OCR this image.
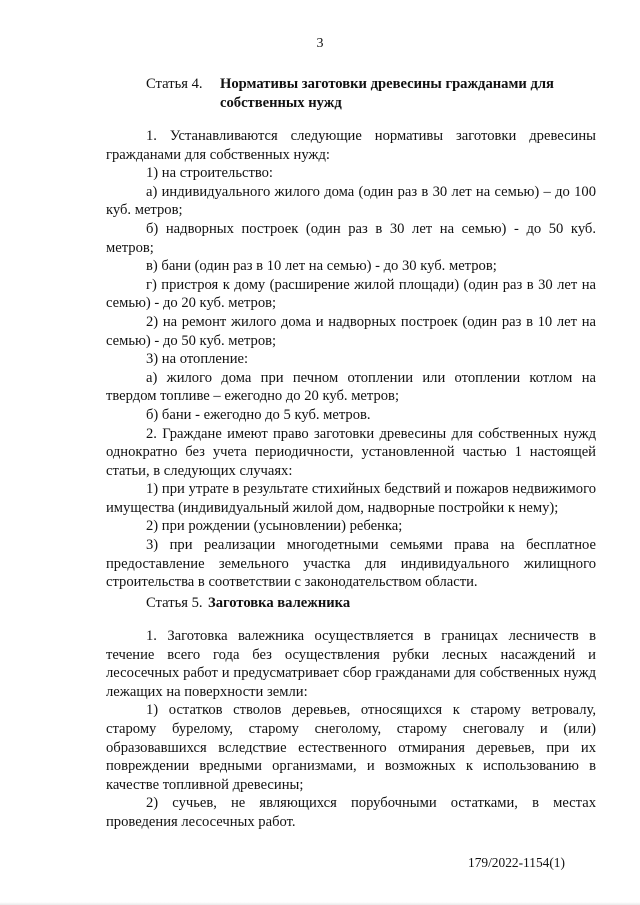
3
Статья 4. Нормативы заготовки древесины гражданами для
собственных нужд

1. Устанавливаются следующие нормативы заготовки древесины гражданами для собственных нужд:

1) на строительство:

а) индивидуального жилого дома (один раз в 30 лет на семью) – до 100 куб. метров;

б) надворных построек (один раз в 30 лет на семью) - до 50 куб. метров;

в) бани (один раз в 10 лет на семью) - до 30 куб. метров;

г) пристроя к дому (расширение жилой площади) (один раз в 30 лет на семью) - до 20 куб. метров;

2) на ремонт жилого дома и надворных построек (один раз в 10 лет на семью) - до 50 куб. метров;

3) на отопление:

а) жилого дома при печном отоплении или отоплении котлом на твердом топливе – ежегодно до 20 куб. метров;

б) бани - ежегодно до 5 куб. метров.

2. Граждане имеют право заготовки древесины для собственных нужд однократно без учета периодичности, установленной частью 1 настоящей статьи, в следующих случаях:

1) при утрате в результате стихийных бедствий и пожаров недвижимого имущества (индивидуальный жилой дом, надворные постройки к нему);

2) при рождении (усыновлении) ребенка;

3) при реализации многодетными семьями права на бесплатное предоставление земельного участка для индивидуального жилищного строительства в соответствии с законодательством области.

Статья 5. Заготовка валежника

1. Заготовка валежника осуществляется в границах лесничеств в течение всего года без осуществления рубки лесных насаждений и лесосечных работ и предусматривает сбор гражданами для собственных нужд лежащих на поверхности земли:

1) остатков стволов деревьев, относящихся к старому ветровалу, старому бурелому, старому снеголому, старому снеговалу и (или) образовавшихся вследствие естественного отмирания деревьев, при их повреждении вредными организмами, и возможных к использованию в качестве топливной древесины;

2) сучьев, не являющихся порубочными остатками, в местах проведения лесосечных работ.

179/2022-1154(1)
